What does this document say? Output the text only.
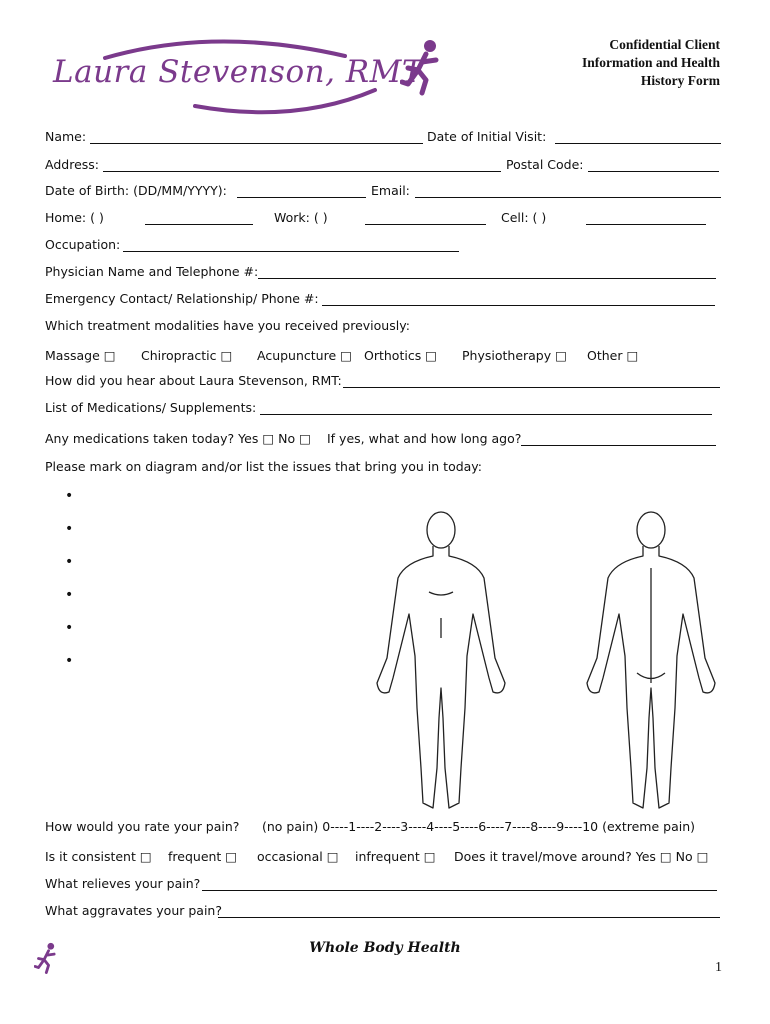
Laura Stevenson, RMT
Confidential Client
Information and Health
History Form
Name:	Date of Initial Visit:
Address:	Postal Code:
Date of Birth: (DD/MM/YYYY):	Email:
Home: ( )	Work: ( )	Cell: ( )
Occupation:
Physician Name and Telephone #:
Emergency Contact/ Relationship/ Phone #:
Which treatment modalities have you received previously:
Massage □ Chiropractic □ Acupuncture □ Orthotics □ Physiotherapy □ Other □
How did you hear about Laura Stevenson, RMT:
List of Medications/ Supplements:
Any medications taken today? Yes □ No □ If yes, what and how long ago?
Please mark on diagram and/or list the issues that bring you in today:
•
•
•
•
•
•
How would you rate your pain? (no pain) 0----1----2----3----4----5----6----7----8----9----10 (extreme pain)
Is it consistent □ frequent □ occasional □ infrequent □ Does it travel/move around? Yes □ No □
What relieves your pain?
What aggravates your pain?
Whole Body Health
1
